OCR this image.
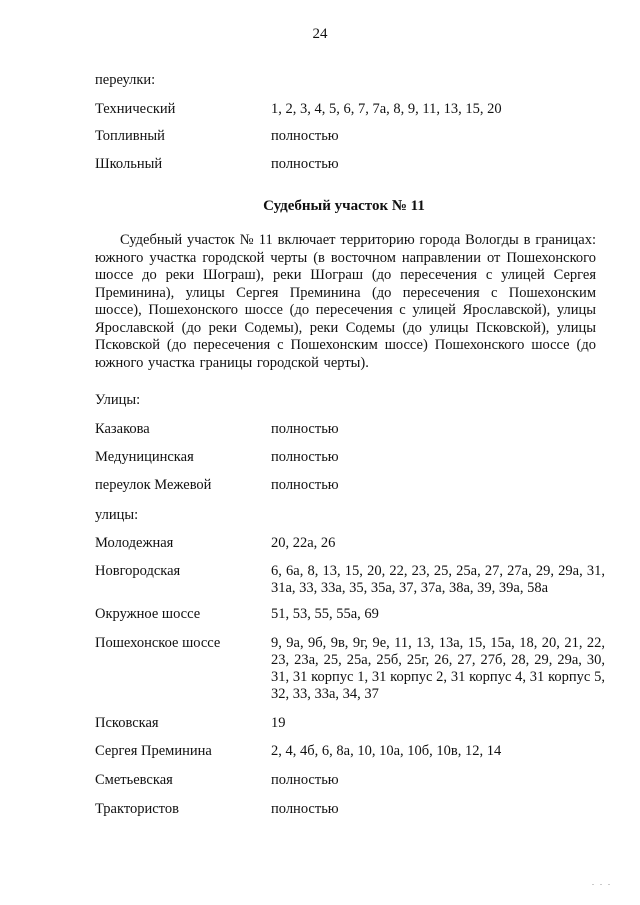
24
переулки:
Технический	1, 2, 3, 4, 5, 6, 7, 7а, 8, 9, 11, 13, 15, 20
Топливный	полностью
Школьный	полностью
Судебный участок № 11
Судебный участок № 11 включает территорию города Вологды в границах: южного участка городской черты (в восточном направлении от Пошехонского шоссе до реки Шограш), реки Шограш (до пересечения с улицей Сергея Преминина), улицы Сергея Преминина (до пересечения с Пошехонским шоссе), Пошехонского шоссе (до пересечения с улицей Ярославской), улицы Ярославской (до реки Содемы), реки Содемы (до улицы Псковской), улицы Псковской (до пересечения с Пошехонским шоссе) Пошехонского шоссе (до южного участка границы городской черты).
Улицы:
Казакова	полностью
Медуницинская	полностью
переулок Межевой	полностью
улицы:
Молодежная	20, 22а, 26
Новгородская	6, 6а, 8, 13, 15, 20, 22, 23, 25, 25а, 27, 27а, 29, 29а, 31, 31а, 33, 33а, 35, 35а, 37, 37а, 38а, 39, 39а, 58а
Окружное шоссе	51, 53, 55, 55а, 69
Пошехонское шоссе	9, 9а, 9б, 9в, 9г, 9е, 11, 13, 13а, 15, 15а, 18, 20, 21, 22, 23, 23а, 25, 25а, 25б, 25г, 26, 27, 27б, 28, 29, 29а, 30, 31, 31 корпус 1, 31 корпус 2, 31 корпус 4, 31 корпус 5, 32, 33, 33а, 34, 37
Псковская	19
Сергея Преминина	2, 4, 4б, 6, 8а, 10, 10а, 10б, 10в, 12, 14
Сметьевская	полностью
Трактористов	полностью
. . .
